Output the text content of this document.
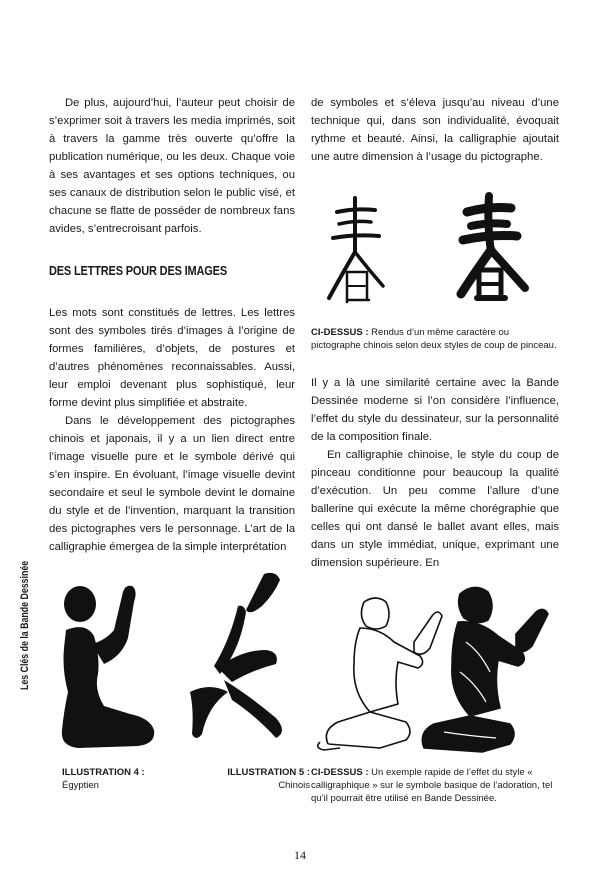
De plus, aujourd’hui, l’auteur peut choisir de s’exprimer soit à travers les media imprimés, soit à travers la gamme très ouverte qu’offre la publication numérique, ou les deux. Chaque voie à ses avantages et ses options techniques, ou ses canaux de distribution selon le public visé, et chacune se flatte de posséder de nombreux fans avides, s’entrecroisant parfois.

DES LETTRES POUR DES IMAGES

Les mots sont constitués de lettres. Les lettres sont des symboles tirés d’images à l’origine de formes familières, d’objets, de postures et d’autres phénomènes reconnaissables. Aussi, leur emploi devenant plus sophistiqué, leur forme devint plus simplifiée et abstraite.

Dans le développement des pictographes chinois et japonais, il y a un lien direct entre l’image visuelle pure et le symbole dérivé qui s’en inspire. En évoluant, l’image visuelle devint secondaire et seul le symbole devint le domaine du style et de l’invention, marquant la transition des pictographes vers le personnage. L’art de la calligraphie émergea de la simple interprétation

de symboles et s’éleva jusqu’au niveau d’une technique qui, dans son individualité, évoquait rythme et beauté. Ainsi, la calligraphie ajoutait une autre dimension à l’usage du pictographe.

CI-DESSUS : Rendus d’un même caractère ou pictographe chinois selon deux styles de coup de pinceau.

Il y a là une similarité certaine avec la Bande Dessinée moderne si l’on considère l’influence, l’effet du style du dessinateur, sur la personnalité de la composition finale.

En calligraphie chinoise, le style du coup de pinceau conditionne pour beaucoup la qualité d’exécution. Un peu comme l’allure d’une ballerine qui exécute la même chorégraphie que celles qui ont dansé le ballet avant elles, mais dans un style immédiat, unique, exprimant une dimension supérieure. En

ILLUSTRATION 4 :
Égyptien
ILLUSTRATION 5 :
Chinois
CI-DESSUS : Un exemple rapide de l’effet du style « calligraphique » sur le symbole basique de l’adoration, tel qu’il pourrait être utilisé en Bande Dessinée.
Les Clés de la Bande Dessinée
14
